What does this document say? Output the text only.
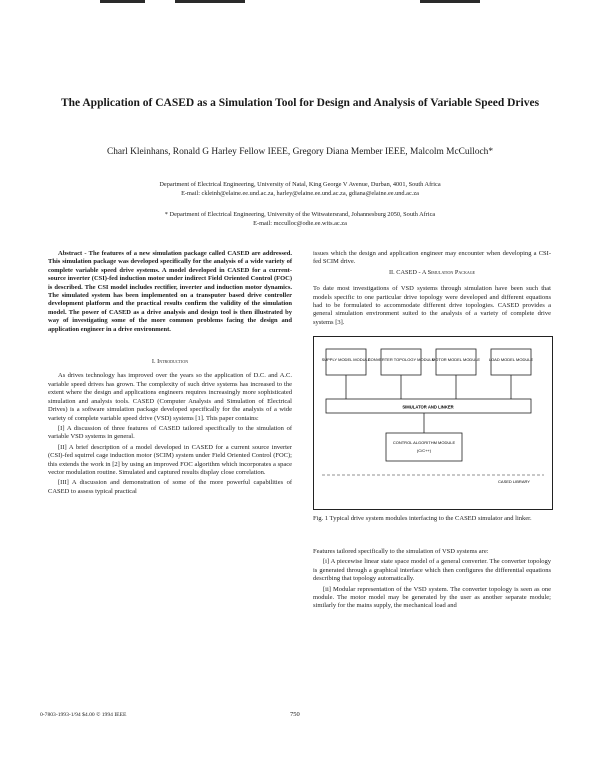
The Application of CASED as a Simulation Tool for Design and Analysis of Variable Speed Drives
Charl Kleinhans, Ronald G Harley Fellow IEEE, Gregory Diana Member IEEE, Malcolm McCulloch*
Department of Electrical Engineering, University of Natal, King George V Avenue, Durban, 4001, South Africa
E-mail: ckleinh@elaine.ee.und.ac.za, harley@elaine.ee.und.ac.za, gdiana@elaine.ee.und.ac.za
* Department of Electrical Engineering, University of the Witwatersrand, Johannesburg 2050, South Africa
E-mail: mcculloc@odie.ee.wits.ac.za

Abstract - The features of a new simulation package called CASED are addressed. This simulation package was developed specifically for the analysis of a wide variety of complete variable speed drive systems. A model developed in CASED for a current-source inverter (CSI)-fed induction motor under indirect Field Oriented Control (FOC) is described. The CSI model includes rectifier, inverter and induction motor dynamics. The simulated system has been implemented on a transputer based drive controller development platform and the practical results confirm the validity of the simulation model. The power of CASED as a drive analysis and design tool is then illustrated by way of investigating some of the more common problems facing the design and application engineer in a drive environment.

I. Introduction

As drives technology has improved over the years so the application of D.C. and A.C. variable speed drives has grown. The complexity of such drive systems has increased to the extent where the design and applications engineers requires increasingly more sophisticated simulation and analysis tools. CASED (Computer Analysis and Simulation of Electrical Drives) is a software simulation package developed specifically for the analysis of a wide variety of complete variable speed drive (VSD) systems [1]. This paper contains:

[I] A discussion of three features of CASED tailored specifically to the simulation of variable VSD systems in general.

[II] A brief description of a model developed in CASED for a current source inverter (CSI)-fed squirrel cage induction motor (SCIM) system under Field Oriented Control (FOC); this extends the work in [2] by using an improved FOC algorithm which incorporates a space vector modulation routine. Simulated and captured results display close correlation.

[III] A discussion and demonstration of some of the more powerful capabilities of CASED to assess typical practical

issues which the design and application engineer may encounter when developing a CSI-fed SCIM drive.

II. CASED - A Simulation Package

To date most investigations of VSD systems through simulation have been such that models specific to one particular drive topology were developed and different equations had to be formulated to accommodate different drive topologies. CASED provides a general simulation environment suited to the analysis of a variety of complete drive systems [3].

SUPPLY MODEL MODULE
CONVERTER TOPOLOGY MODULE
MOTOR MODEL MODULE LOAD MODEL MODULE
SIMULATOR AND LINKER
CONTROL ALGORITHM MODULE
(C/C++)
CASED LIBRARY
Fig. 1 Typical drive system modules interfacing to the CASED simulator and linker.

Features tailored specifically to the simulation of VSD systems are:

[i] A piecewise linear state space model of a general converter. The converter topology is generated through a graphical interface which then configures the differential equations describing that topology automatically.

[ii] Modular representation of the VSD system. The converter topology is seen as one module. The motor model may be generated by the user as another separate module; similarly for the mains supply, the mechanical load and

0-7803-1993-1/94 $4.00 © 1994 IEEE	750
